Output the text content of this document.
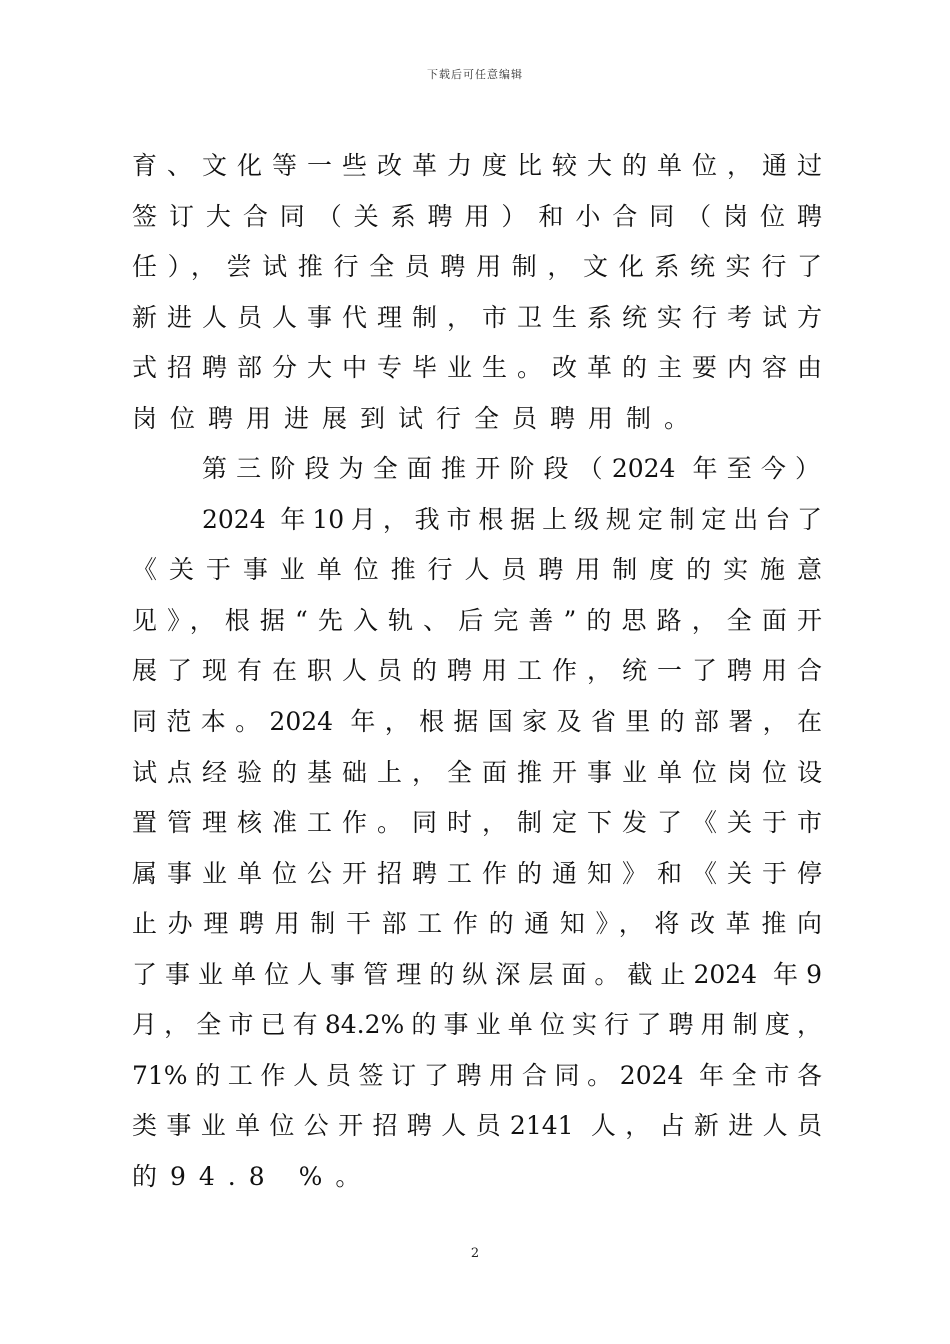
下载后可任意编辑
育、文化等一些改革力度比较大的单位，通过
签订大合同（关系聘用）和小合同（岗位聘
任），尝试推行全员聘用制，文化系统实行了
新进人员人事代理制，市卫生系统实行考试方
式招聘部分大中专毕业生。改革的主要内容由
岗位聘用进展到试行全员聘用制。
第三阶段为全面推开阶段（2024 年至今）
2024 年10月，我市根据上级规定制定出台了
《关于事业单位推行人员聘用制度的实施意
见》，根据“先入轨、后完善”的思路，全面开
展了现有在职人员的聘用工作，统一了聘用合
同范本。2024 年，根据国家及省里的部署，在
试点经验的基础上，全面推开事业单位岗位设
置管理核准工作。同时，制定下发了《关于市
属事业单位公开招聘工作的通知》和《关于停
止办理聘用制干部工作的通知》，将改革推向
了事业单位人事管理的纵深层面。截止2024 年9
月，全市已有84.2%的事业单位实行了聘用制度，
71%的工作人员签订了聘用合同。2024 年全市各
类事业单位公开招聘人员2141 人，占新进人员
的94.8 %。
2
